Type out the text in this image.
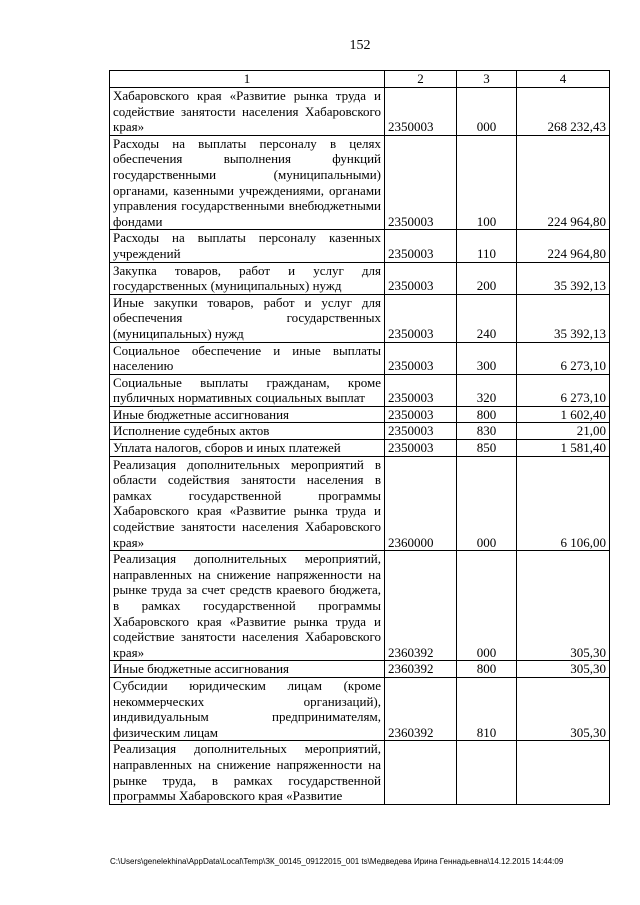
152
1	2	3	4
Хабаровского края «Развитие рынка труда и содействие занятости населения Хабаровского края»	2350003	000	268 232,43
Расходы на выплаты персоналу в целях обеспечения выполнения функций государственными (муниципальными) органами, казенными учреждениями, органами управления государственными внебюджетными фондами	2350003	100	224 964,80
Расходы на выплаты персоналу казенных учреждений	2350003	110	224 964,80
Закупка товаров, работ и услуг для государственных (муниципальных) нужд	2350003	200	35 392,13
Иные закупки товаров, работ и услуг для обеспечения государственных (муниципальных) нужд	2350003	240	35 392,13
Социальное обеспечение и иные выплаты населению	2350003	300	6 273,10
Социальные выплаты гражданам, кроме публичных нормативных социальных выплат	2350003	320	6 273,10
Иные бюджетные ассигнования	2350003	800	1 602,40
Исполнение судебных актов	2350003	830	21,00
Уплата налогов, сборов и иных платежей	2350003	850	1 581,40
Реализация дополнительных мероприятий в области содействия занятости населения в рамках государственной программы Хабаровского края «Развитие рынка труда и содействие занятости населения Хабаровского края»	2360000	000	6 106,00
Реализация дополнительных мероприятий, направленных на снижение напряженности на рынке труда за счет средств краевого бюджета, в рамках государственной программы Хабаровского края «Развитие рынка труда и содействие занятости населения Хабаровского края»	2360392	000	305,30
Иные бюджетные ассигнования	2360392	800	305,30
Субсидии юридическим лицам (кроме некоммерческих организаций), индивидуальным предпринимателям, физическим лицам	2360392	810	305,30
Реализация дополнительных мероприятий, направленных на снижение напряженности на рынке труда, в рамках государственной программы Хабаровского края «Развитие			
C:\Users\genelekhina\AppData\Local\Temp\ЗК_00145_09122015_001 ts\Медведева Ирина Геннадьевна\14.12.2015 14:44:09
